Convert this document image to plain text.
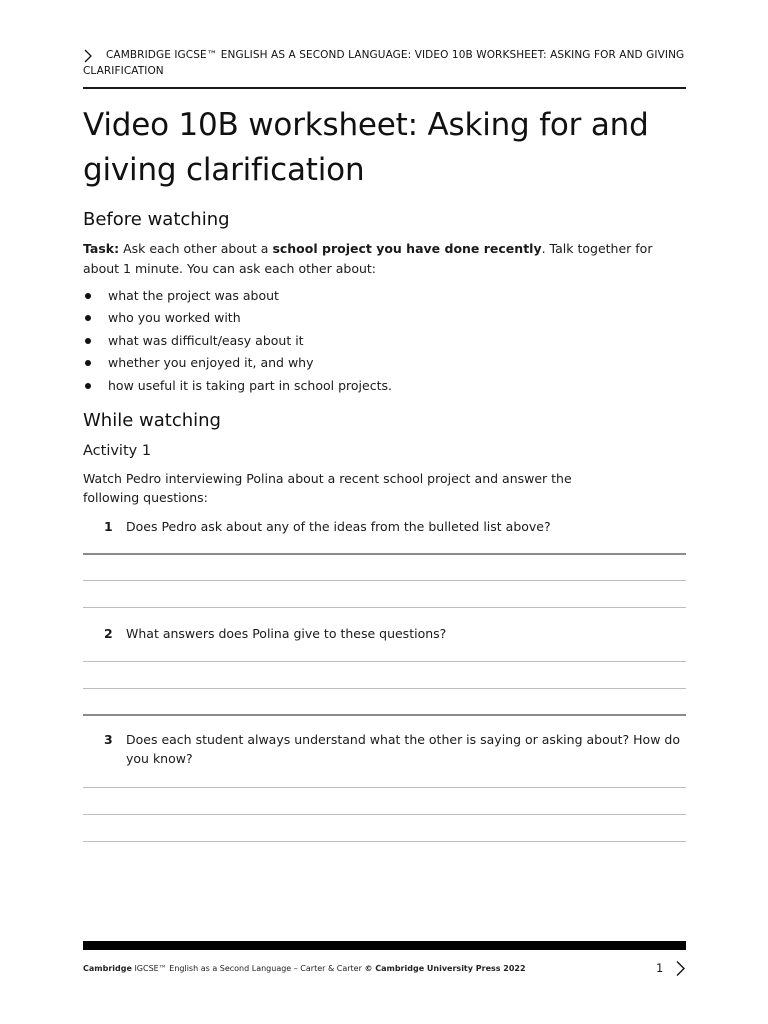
CAMBRIDGE IGCSE™ ENGLISH AS A SECOND LANGUAGE: VIDEO 10B WORKSHEET: ASKING FOR AND GIVING CLARIFICATION

Video 10B worksheet: Asking for and giving clarification
Before watching

Task: Ask each other about a school project you have done recently. Talk together for about 1 minute. You can ask each other about:

what the project was about
who you worked with
what was difficult/easy about it
whether you enjoyed it, and why
how useful it is taking part in school projects.
While watching
Activity 1

Watch Pedro interviewing Polina about a recent school project and answer the following questions:

1 Does Pedro ask about any of the ideas from the bulleted list above?
2 What answers does Polina give to these questions?
3 Does each student always understand what the other is saying or asking about? How do you know?
Cambridge IGCSE™ English as a Second Language – Carter & Carter © Cambridge University Press 2022	1
